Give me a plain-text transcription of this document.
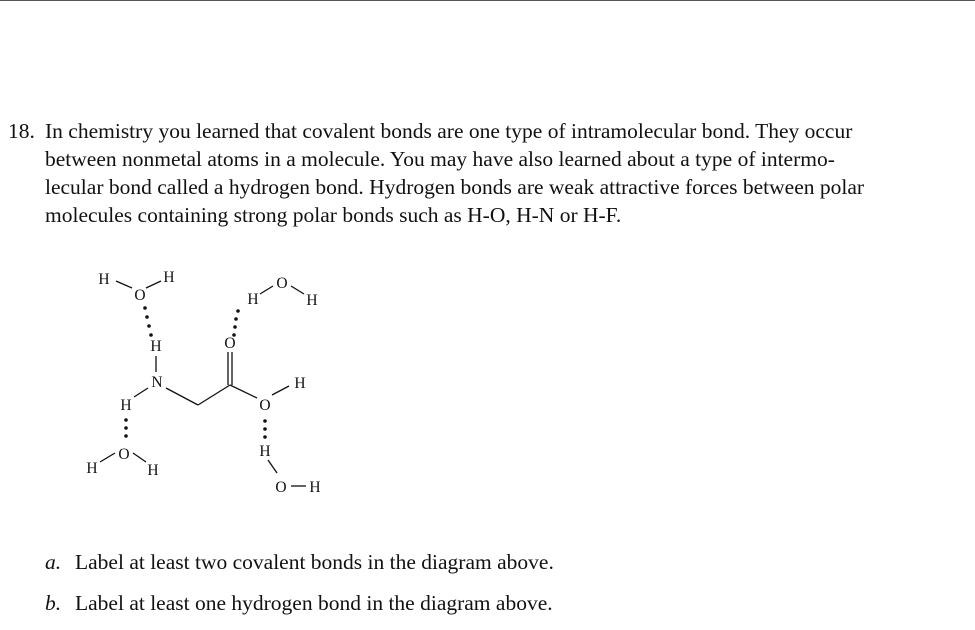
18. In chemistry you learned that covalent bonds are one type of intramolecular bond. They occur
between nonmetal atoms in a molecule. You may have also learned about a type of intermo-
lecular bond called a hydrogen bond. Hydrogen bonds are weak attractive forces between polar
molecules containing strong polar bonds such as H-O, H-N or H-F.
H	H
O
H
N
H
O
H	H
O
H
O
H
O
H
H
O H
a. Label at least two covalent bonds in the diagram above.
b. Label at least one hydrogen bond in the diagram above.
